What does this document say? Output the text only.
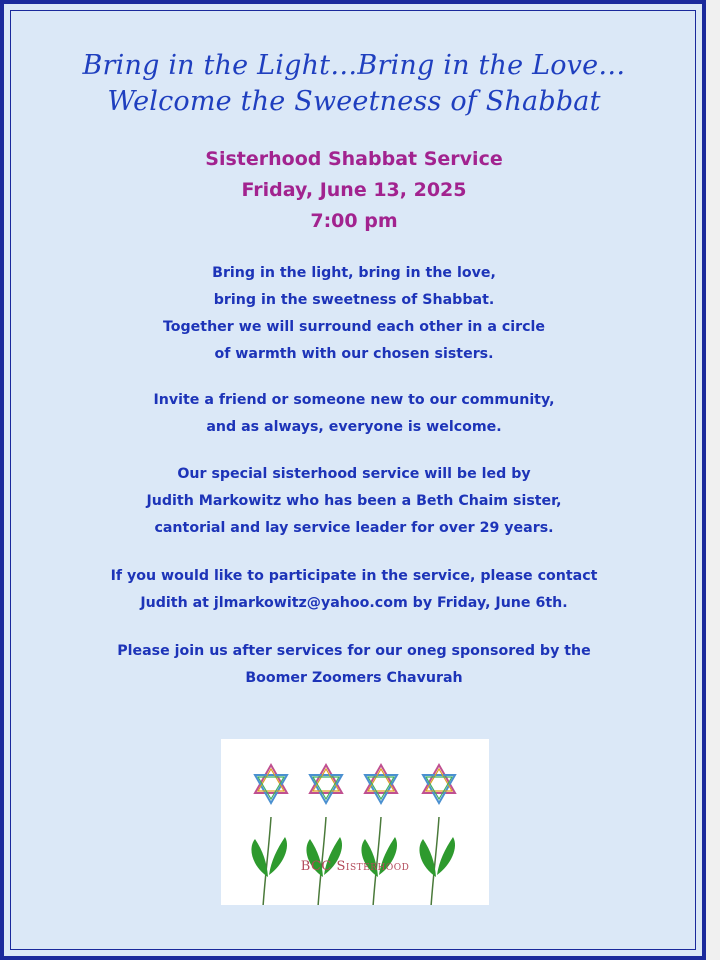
Bring in the Light…Bring in the Love…
Welcome the Sweetness of Shabbat
Sisterhood Shabbat Service
Friday, June 13, 2025
7:00 pm
Bring in the light, bring in the love,
bring in the sweetness of Shabbat.
Together we will surround each other in a circle
of warmth with our chosen sisters.
Invite a friend or someone new to our community,
and as always, everyone is welcome.
Our special sisterhood service will be led by
Judith Markowitz who has been a Beth Chaim sister,
cantorial and lay service leader for over 29 years.
If you would like to participate in the service, please contact
Judith at jlmarkowitz@yahoo.com by Friday, June 6th.
Please join us after services for our oneg sponsored by the
Boomer Zoomers Chavurah
BCC Sisterhood
